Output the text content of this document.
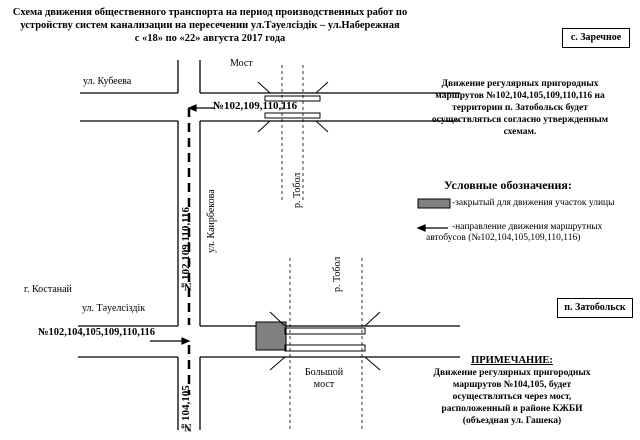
Схема движения общественного транспорта на период производственных работ по
устройству систем канализации на пересечении ул.Тәуелсіздік – ул.Набережная
с «18» по «22» августа 2017 года	с. Заречное
п. Затобольск
ул. Кубеева
Мост
№102,109,110,116
ул. Каирбекова
№102,109,110,116
р. Тобол
р. Тобол
г. Костанай
ул. Тәуелсіздік
№102,104,105,109,110,116
№104,105
Большой
мост
Движение регулярных пригородных
маршрутов №102,104,105,109,110,116 на
территории п. Затобольск будет
осуществляться согласно утвержденным
схемам.
Условные обозначения:
-закрытый для движения участок улицы
-направление движения маршрутных
автобусов (№102,104,105,109,110,116)
ПРИМЕЧАНИЕ:
Движение регулярных пригородных
маршрутов №104,105, будет
осуществляться через мост,
расположенный в районе КЖБИ
(объездная ул. Гашека)
